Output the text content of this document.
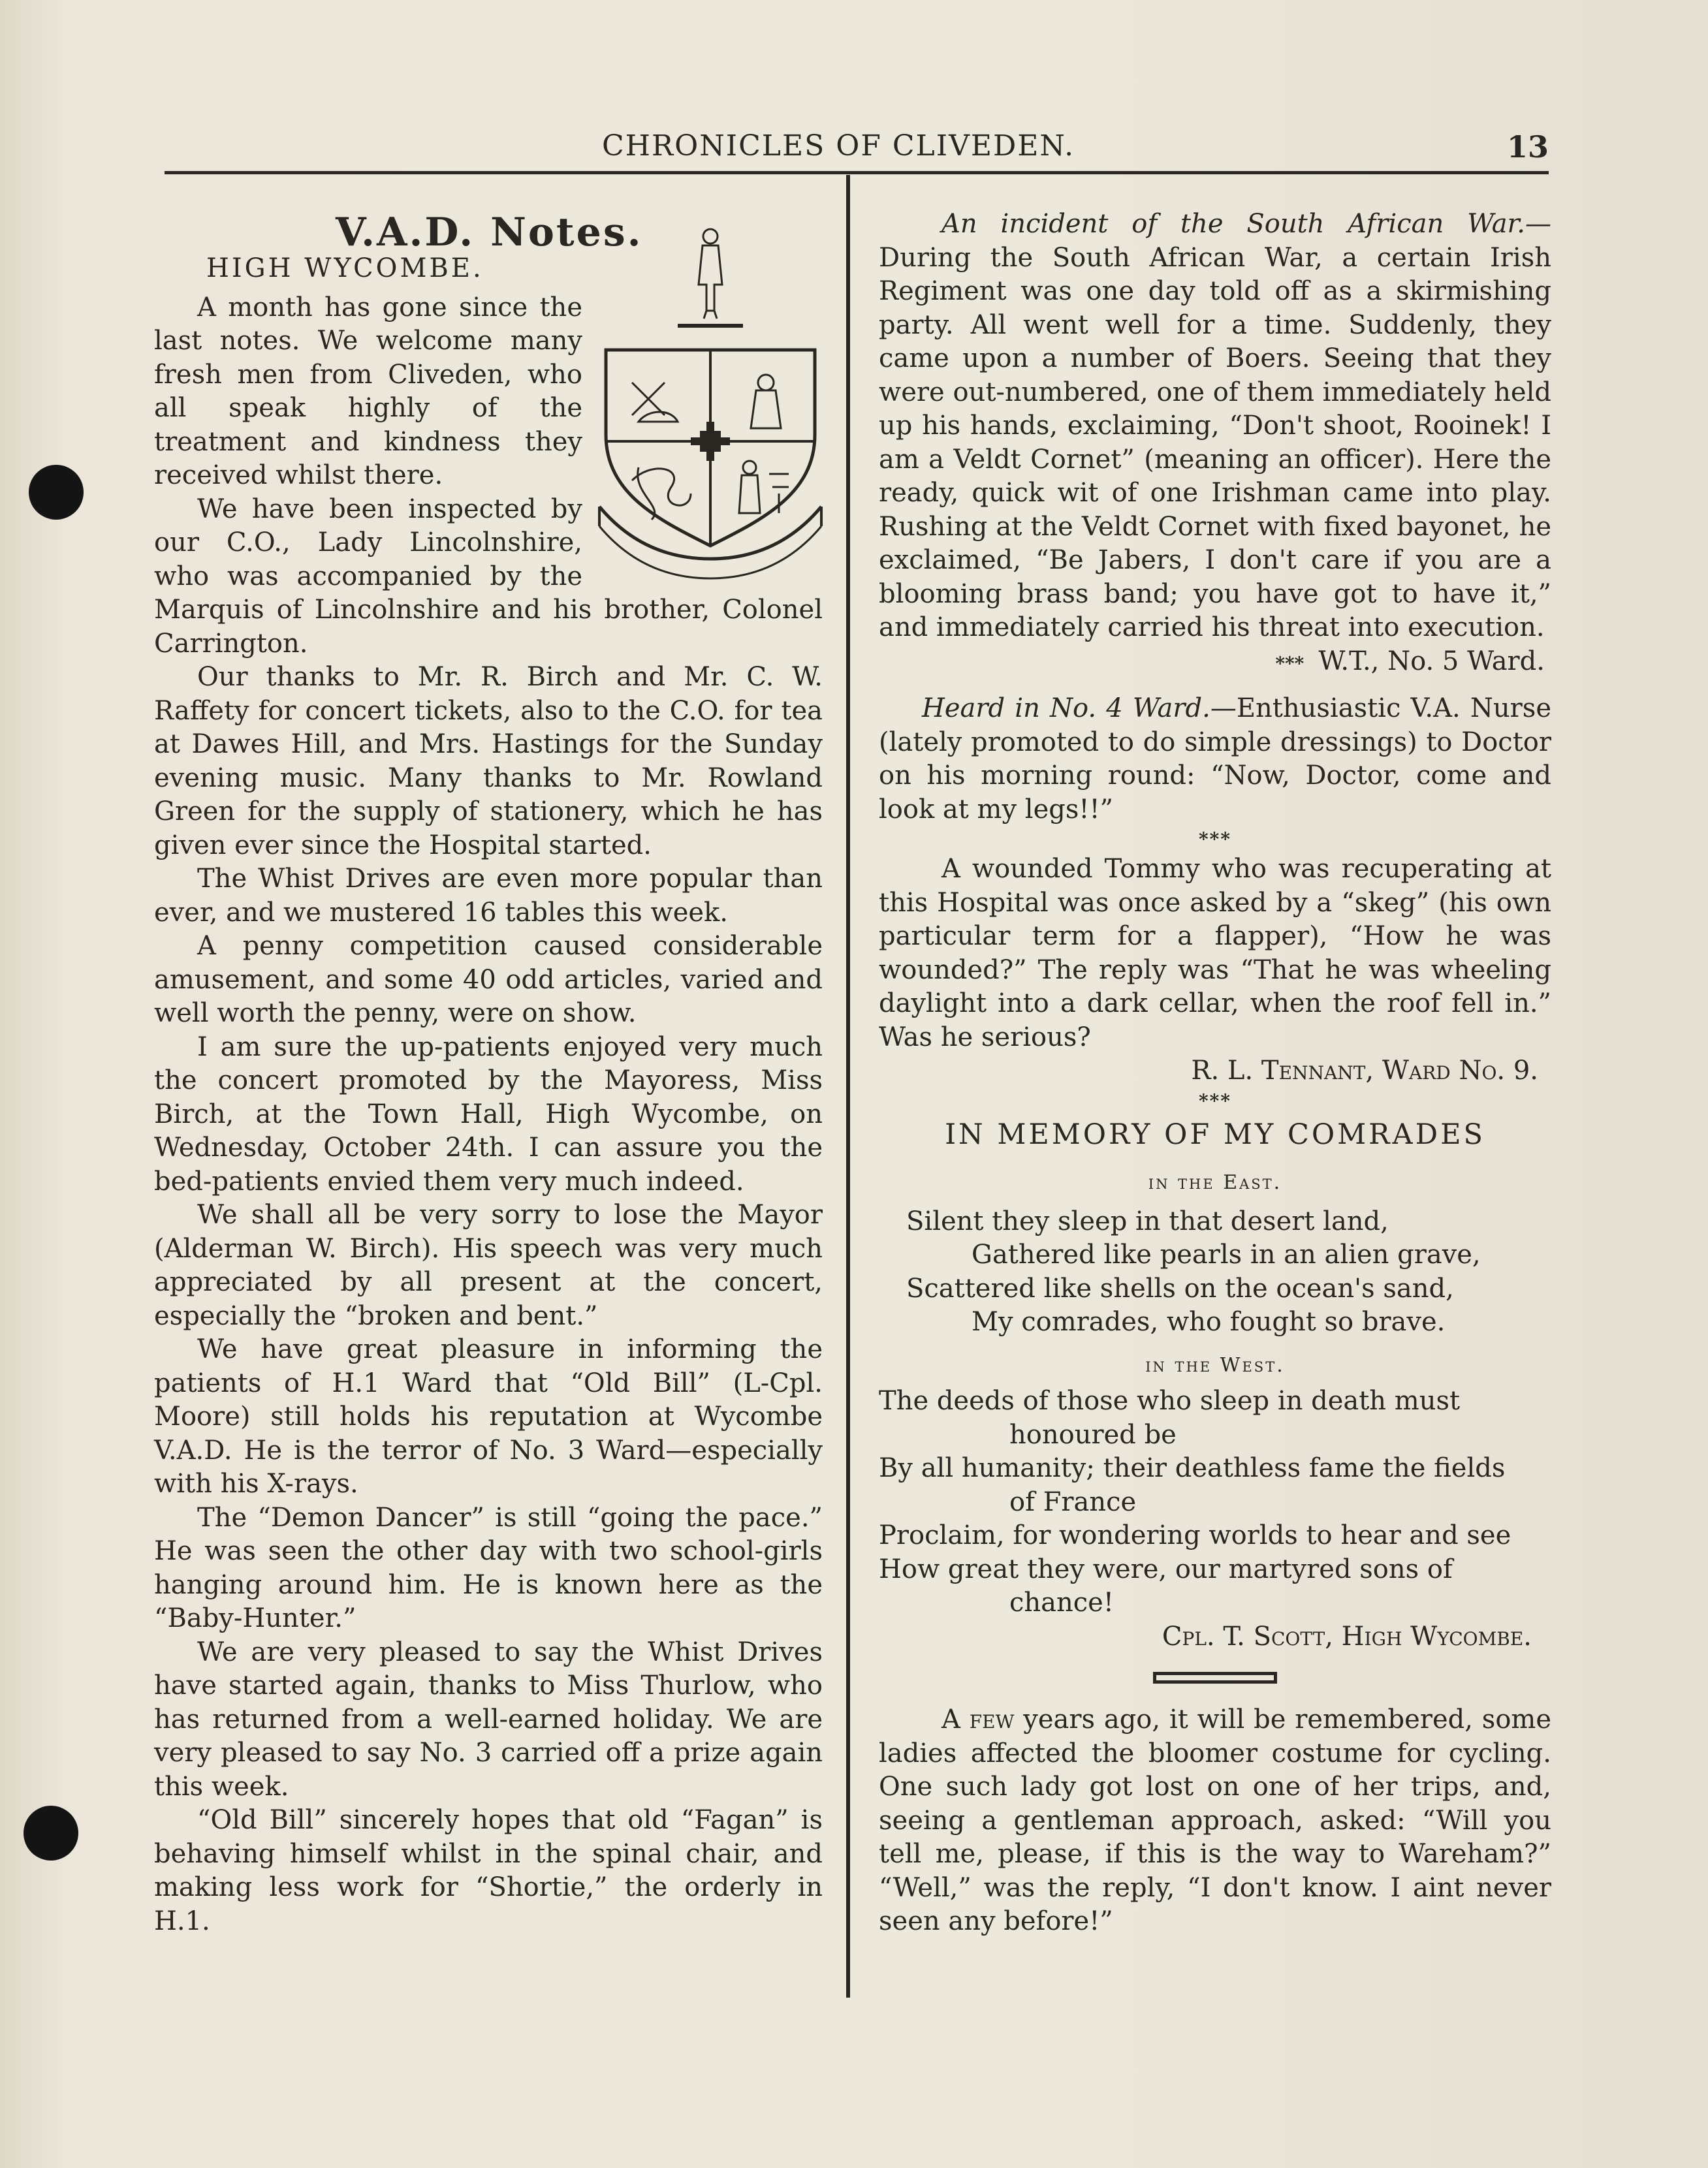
CHRONICLES OF CLIVEDEN.	13
V.A.D. Notes.
HIGH WYCOMBE.

A month has gone since the last notes. We welcome many fresh men from Cliveden, who all speak highly of the treatment and kindness they received whilst there.

We have been inspected by our C.O., Lady Lincolnshire, who was accompanied by the Marquis of Lincolnshire and his brother, Colonel Carrington.

Our thanks to Mr. R. Birch and Mr. C. W. Raffety for concert tickets, also to the C.O. for tea at Dawes Hill, and Mrs. Hastings for the Sunday evening music. Many thanks to Mr. Rowland Green for the supply of stationery, which he has given ever since the Hospital started.

The Whist Drives are even more popular than ever, and we mustered 16 tables this week.

A penny competition caused considerable amusement, and some 40 odd articles, varied and well worth the penny, were on show.

I am sure the up-patients enjoyed very much the concert promoted by the Mayoress, Miss Birch, at the Town Hall, High Wycombe, on Wednesday, October 24th. I can assure you the bed-patients envied them very much indeed.

We shall all be very sorry to lose the Mayor (Alderman W. Birch). His speech was very much appreciated by all present at the concert, especially the “broken and bent.”

We have great pleasure in informing the patients of H.1 Ward that “Old Bill” (L-Cpl. Moore) still holds his reputation at Wycombe V.A.D. He is the terror of No. 3 Ward—especially with his X-rays.

The “Demon Dancer” is still “going the pace.” He was seen the other day with two school-girls hanging around him. He is known here as the “Baby-Hunter.”

We are very pleased to say the Whist Drives have started again, thanks to Miss Thurlow, who has returned from a well-earned holiday. We are very pleased to say No. 3 carried off a prize again this week.

“Old Bill” sincerely hopes that old “Fagan” is behaving himself whilst in the spinal chair, and making less work for “Shortie,” the orderly in H.1.

An incident of the South African War.— During the South African War, a certain Irish Regiment was one day told off as a skirmishing party. All went well for a time. Suddenly, they came upon a number of Boers. Seeing that they were out-numbered, one of them immediately held up his hands, exclaiming, “Don't shoot, Rooinek! I am a Veldt Cornet” (meaning an officer). Here the ready, quick wit of one Irishman came into play. Rushing at the Veldt Cornet with fixed bayonet, he exclaimed, “Be Jabers, I don't care if you are a blooming brass band; you have got to have it,” and immediately carried his threat into execution.

*** W.T., No. 5 Ward.

Heard in No. 4 Ward.—Enthusiastic V.A. Nurse (lately promoted to do simple dressings) to Doctor on his morning round: “Now, Doctor, come and look at my legs!!”

***

A wounded Tommy who was recuperating at this Hospital was once asked by a “skeg” (his own particular term for a flapper), “How he was wounded?” The reply was “That he was wheeling daylight into a dark cellar, when the roof fell in.” Was he serious?

R. L. Tennant, Ward No. 9.

***
IN MEMORY OF MY COMRADES
in the East.
Silent they sleep in that desert land,
Gathered like pearls in an alien grave,
Scattered like shells on the ocean's sand,
My comrades, who fought so brave.
in the West.
The deeds of those who sleep in death must
honoured be
By all humanity; their deathless fame the fields
of France
Proclaim, for wondering worlds to hear and see
How great they were, our martyred sons of
chance!

Cpl. T. Scott, High Wycombe.

A few years ago, it will be remembered, some ladies affected the bloomer costume for cycling. One such lady got lost on one of her trips, and, seeing a gentleman approach, asked: “Will you tell me, please, if this is the way to Wareham?” “Well,” was the reply, “I don't know. I aint never seen any before!”
